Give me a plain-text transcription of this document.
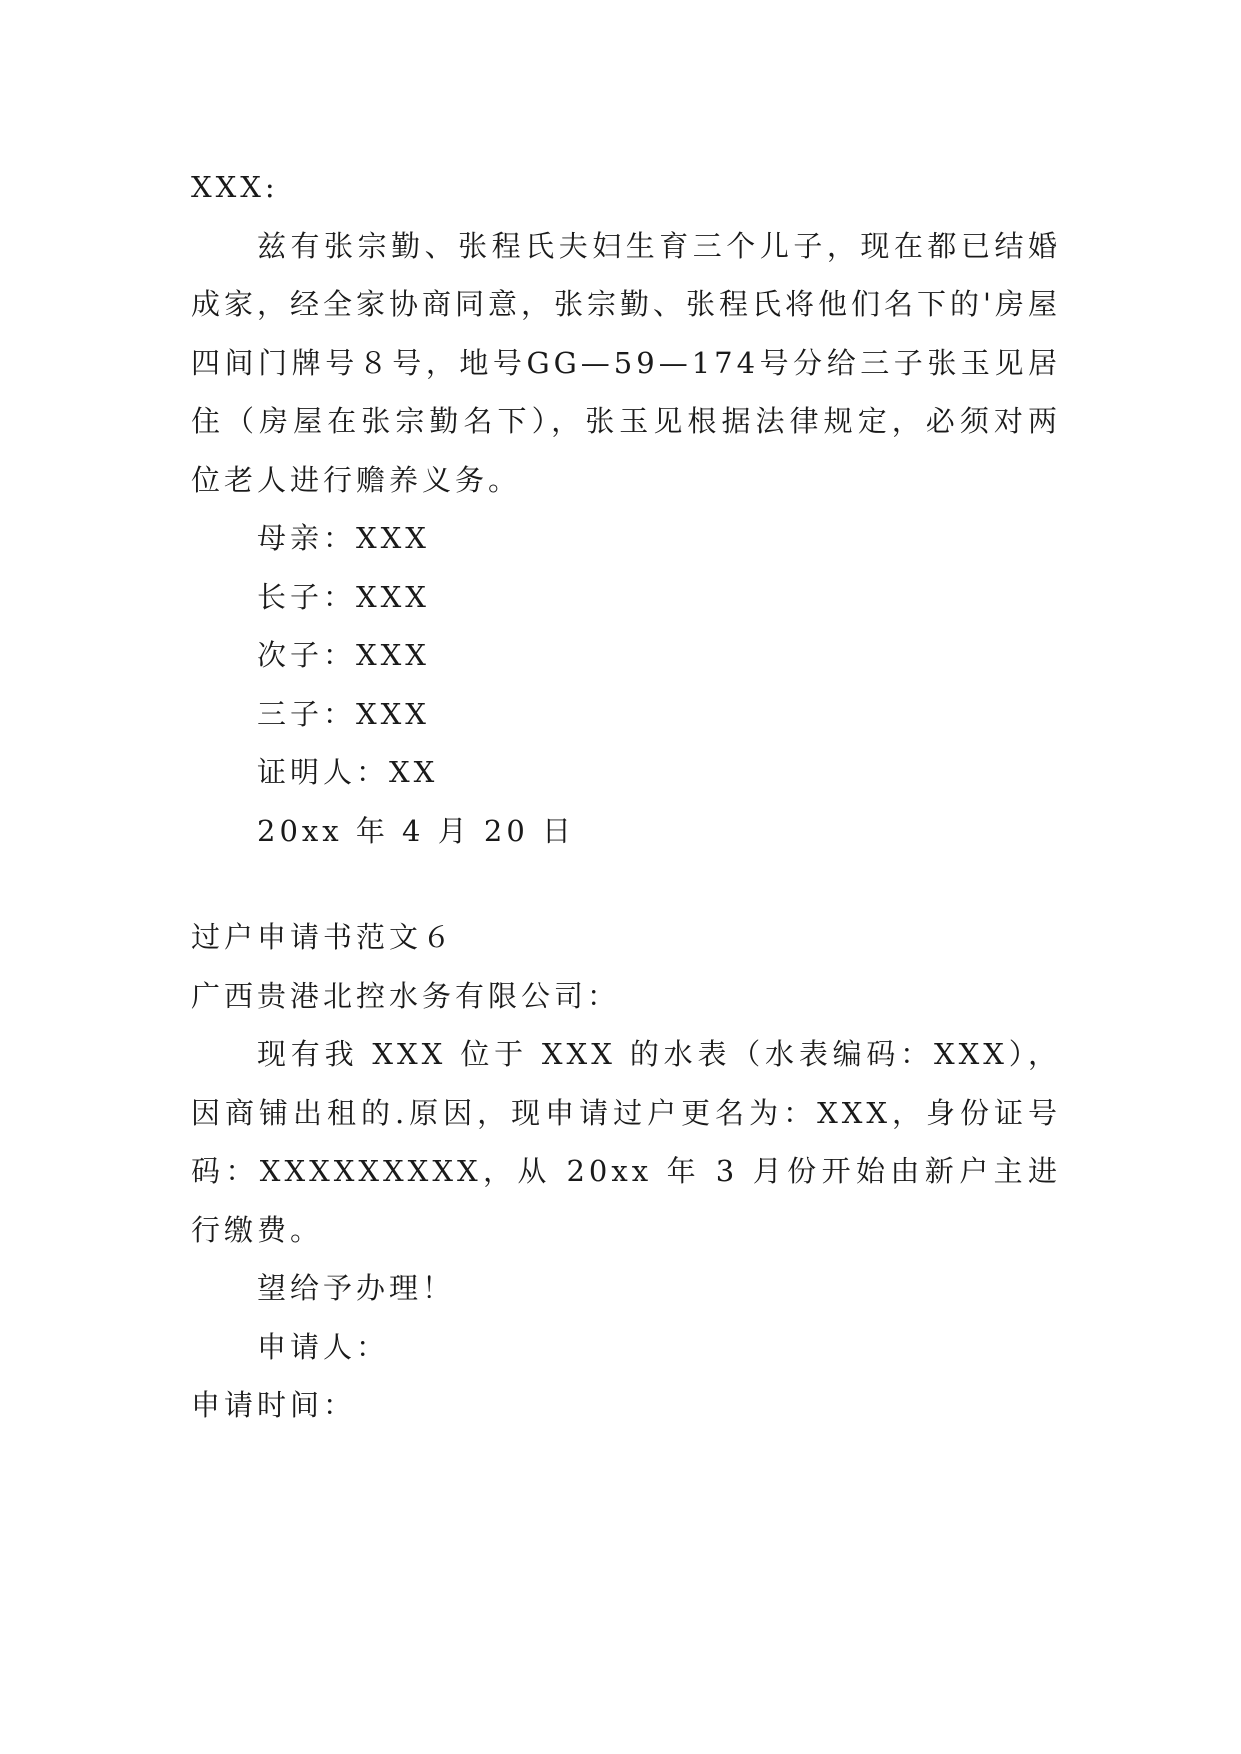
XXX:

兹有张宗勤、张程氏夫妇生育三个儿子，现在都已结婚成家，经全家协商同意，张宗勤、张程氏将他们名下的'房屋四间门牌号８号，地号GG—59—174号分给三子张玉见居住（房屋在张宗勤名下），张玉见根据法律规定，必须对两位老人进行赡养义务。

母亲：XXX

长子：XXX

次子：XXX

三子：XXX

证明人：XX

20xx 年 4 月 20 日

过户申请书范文６

广西贵港北控水务有限公司：

现有我 XXX 位于 XXX 的水表（水表编码：XXX），因商铺出租的.原因，现申请过户更名为：XXX，身份证号码：XXXXXXXXX，从 20xx 年 3 月份开始由新户主进行缴费。

望给予办理！

申请人：

申请时间：
